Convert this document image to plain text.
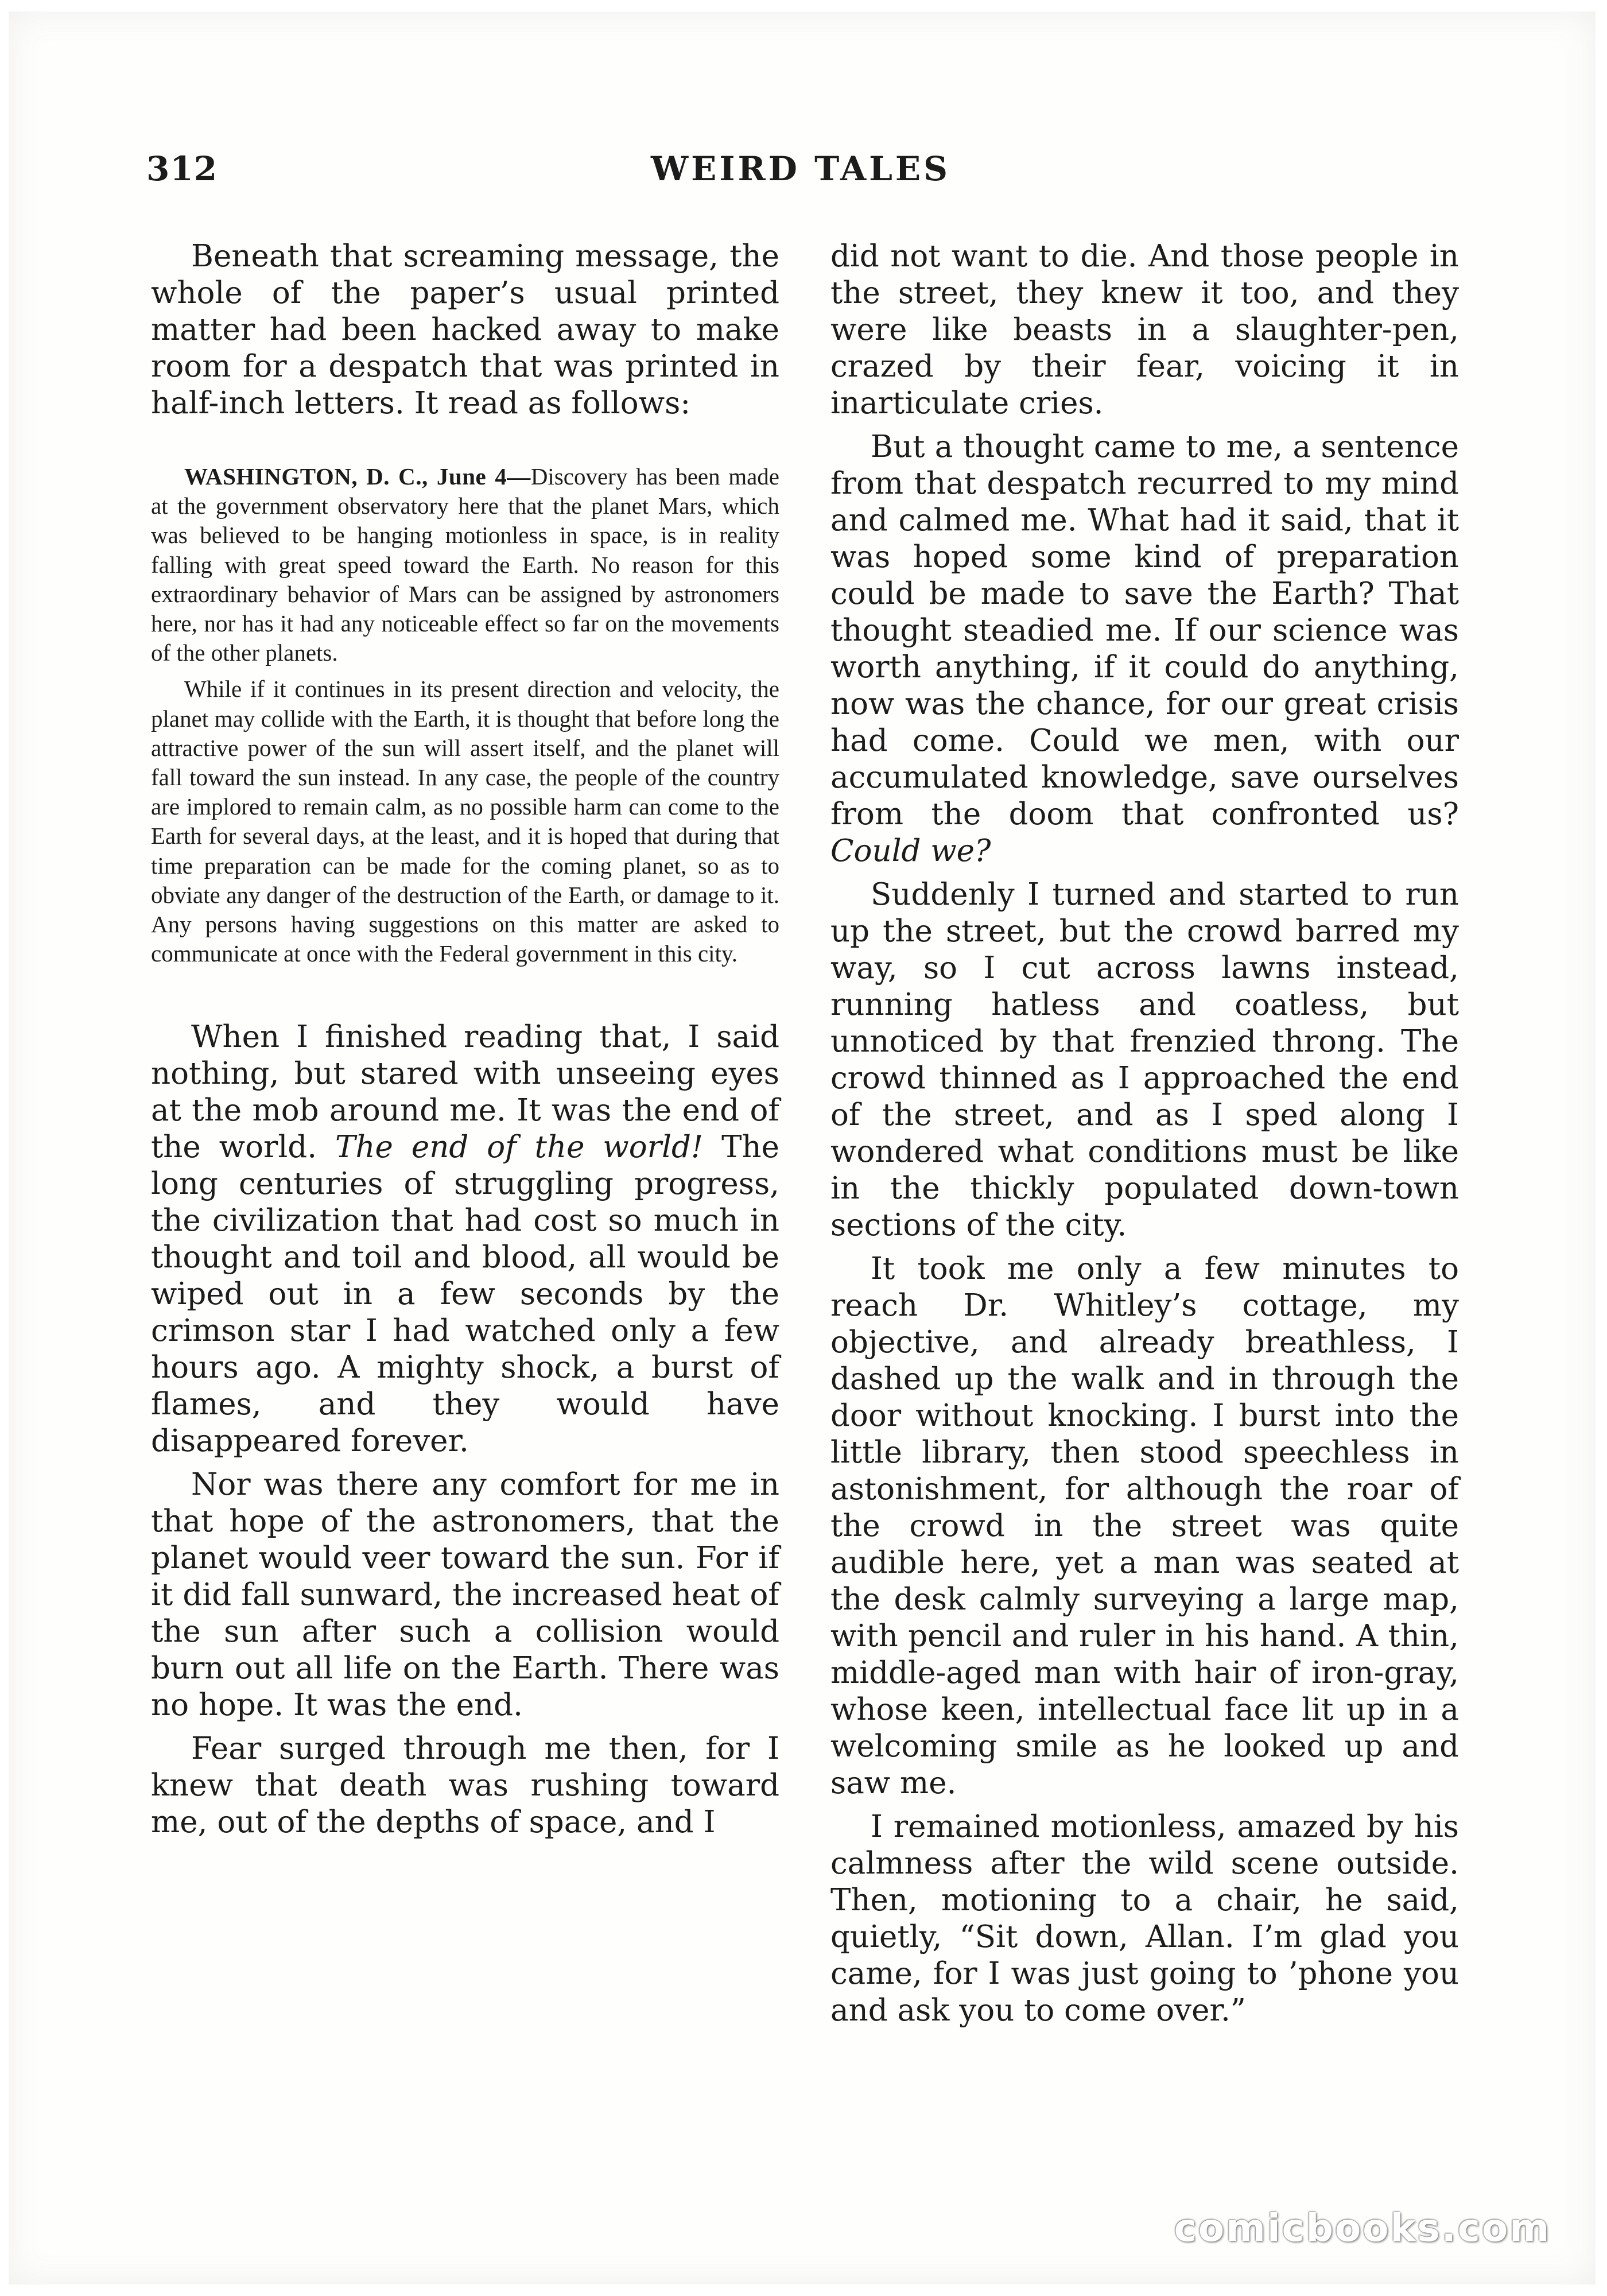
312	WEIRD TALES

Beneath that screaming message, the whole of the paper’s usual printed matter had been hacked away to make room for a despatch that was printed in half-inch letters. It read as follows:

WASHINGTON, D. C., June 4—Discovery has been made at the government observatory here that the planet Mars, which was believed to be hanging motionless in space, is in reality falling with great speed toward the Earth. No reason for this extraordinary behavior of Mars can be assigned by astronomers here, nor has it had any noticeable effect so far on the movements of the other planets.

While if it continues in its present direction and velocity, the planet may collide with the Earth, it is thought that before long the attractive power of the sun will assert itself, and the planet will fall toward the sun instead. In any case, the people of the country are implored to remain calm, as no possible harm can come to the Earth for several days, at the least, and it is hoped that during that time preparation can be made for the coming planet, so as to obviate any danger of the destruction of the Earth, or damage to it. Any persons having suggestions on this matter are asked to communicate at once with the Federal government in this city.

When I finished reading that, I said nothing, but stared with unseeing eyes at the mob around me. It was the end of the world. The end of the world! The long centuries of struggling progress, the civilization that had cost so much in thought and toil and blood, all would be wiped out in a few seconds by the crimson star I had watched only a few hours ago. A mighty shock, a burst of flames, and they would have disappeared forever.

Nor was there any comfort for me in that hope of the astronomers, that the planet would veer toward the sun. For if it did fall sunward, the increased heat of the sun after such a collision would burn out all life on the Earth. There was no hope. It was the end.

Fear surged through me then, for I knew that death was rushing toward me, out of the depths of space, and I

did not want to die. And those people in the street, they knew it too, and they were like beasts in a slaughter-pen, crazed by their fear, voicing it in inarticulate cries.

But a thought came to me, a sentence from that despatch recurred to my mind and calmed me. What had it said, that it was hoped some kind of preparation could be made to save the Earth? That thought steadied me. If our science was worth anything, if it could do anything, now was the chance, for our great crisis had come. Could we men, with our accumulated knowledge, save ourselves from the doom that confronted us? Could we?

Suddenly I turned and started to run up the street, but the crowd barred my way, so I cut across lawns instead, running hatless and coatless, but unnoticed by that frenzied throng. The crowd thinned as I approached the end of the street, and as I sped along I wondered what conditions must be like in the thickly populated down-town sections of the city.

It took me only a few minutes to reach Dr. Whitley’s cottage, my objective, and already breathless, I dashed up the walk and in through the door without knocking. I burst into the little library, then stood speechless in astonishment, for although the roar of the crowd in the street was quite audible here, yet a man was seated at the desk calmly surveying a large map, with pencil and ruler in his hand. A thin, middle-aged man with hair of iron-gray, whose keen, intellectual face lit up in a welcoming smile as he looked up and saw me.

I remained motionless, amazed by his calmness after the wild scene outside. Then, motioning to a chair, he said, quietly, “Sit down, Allan. I’m glad you came, for I was just going to ’phone you and ask you to come over.”

comicbooks.com
